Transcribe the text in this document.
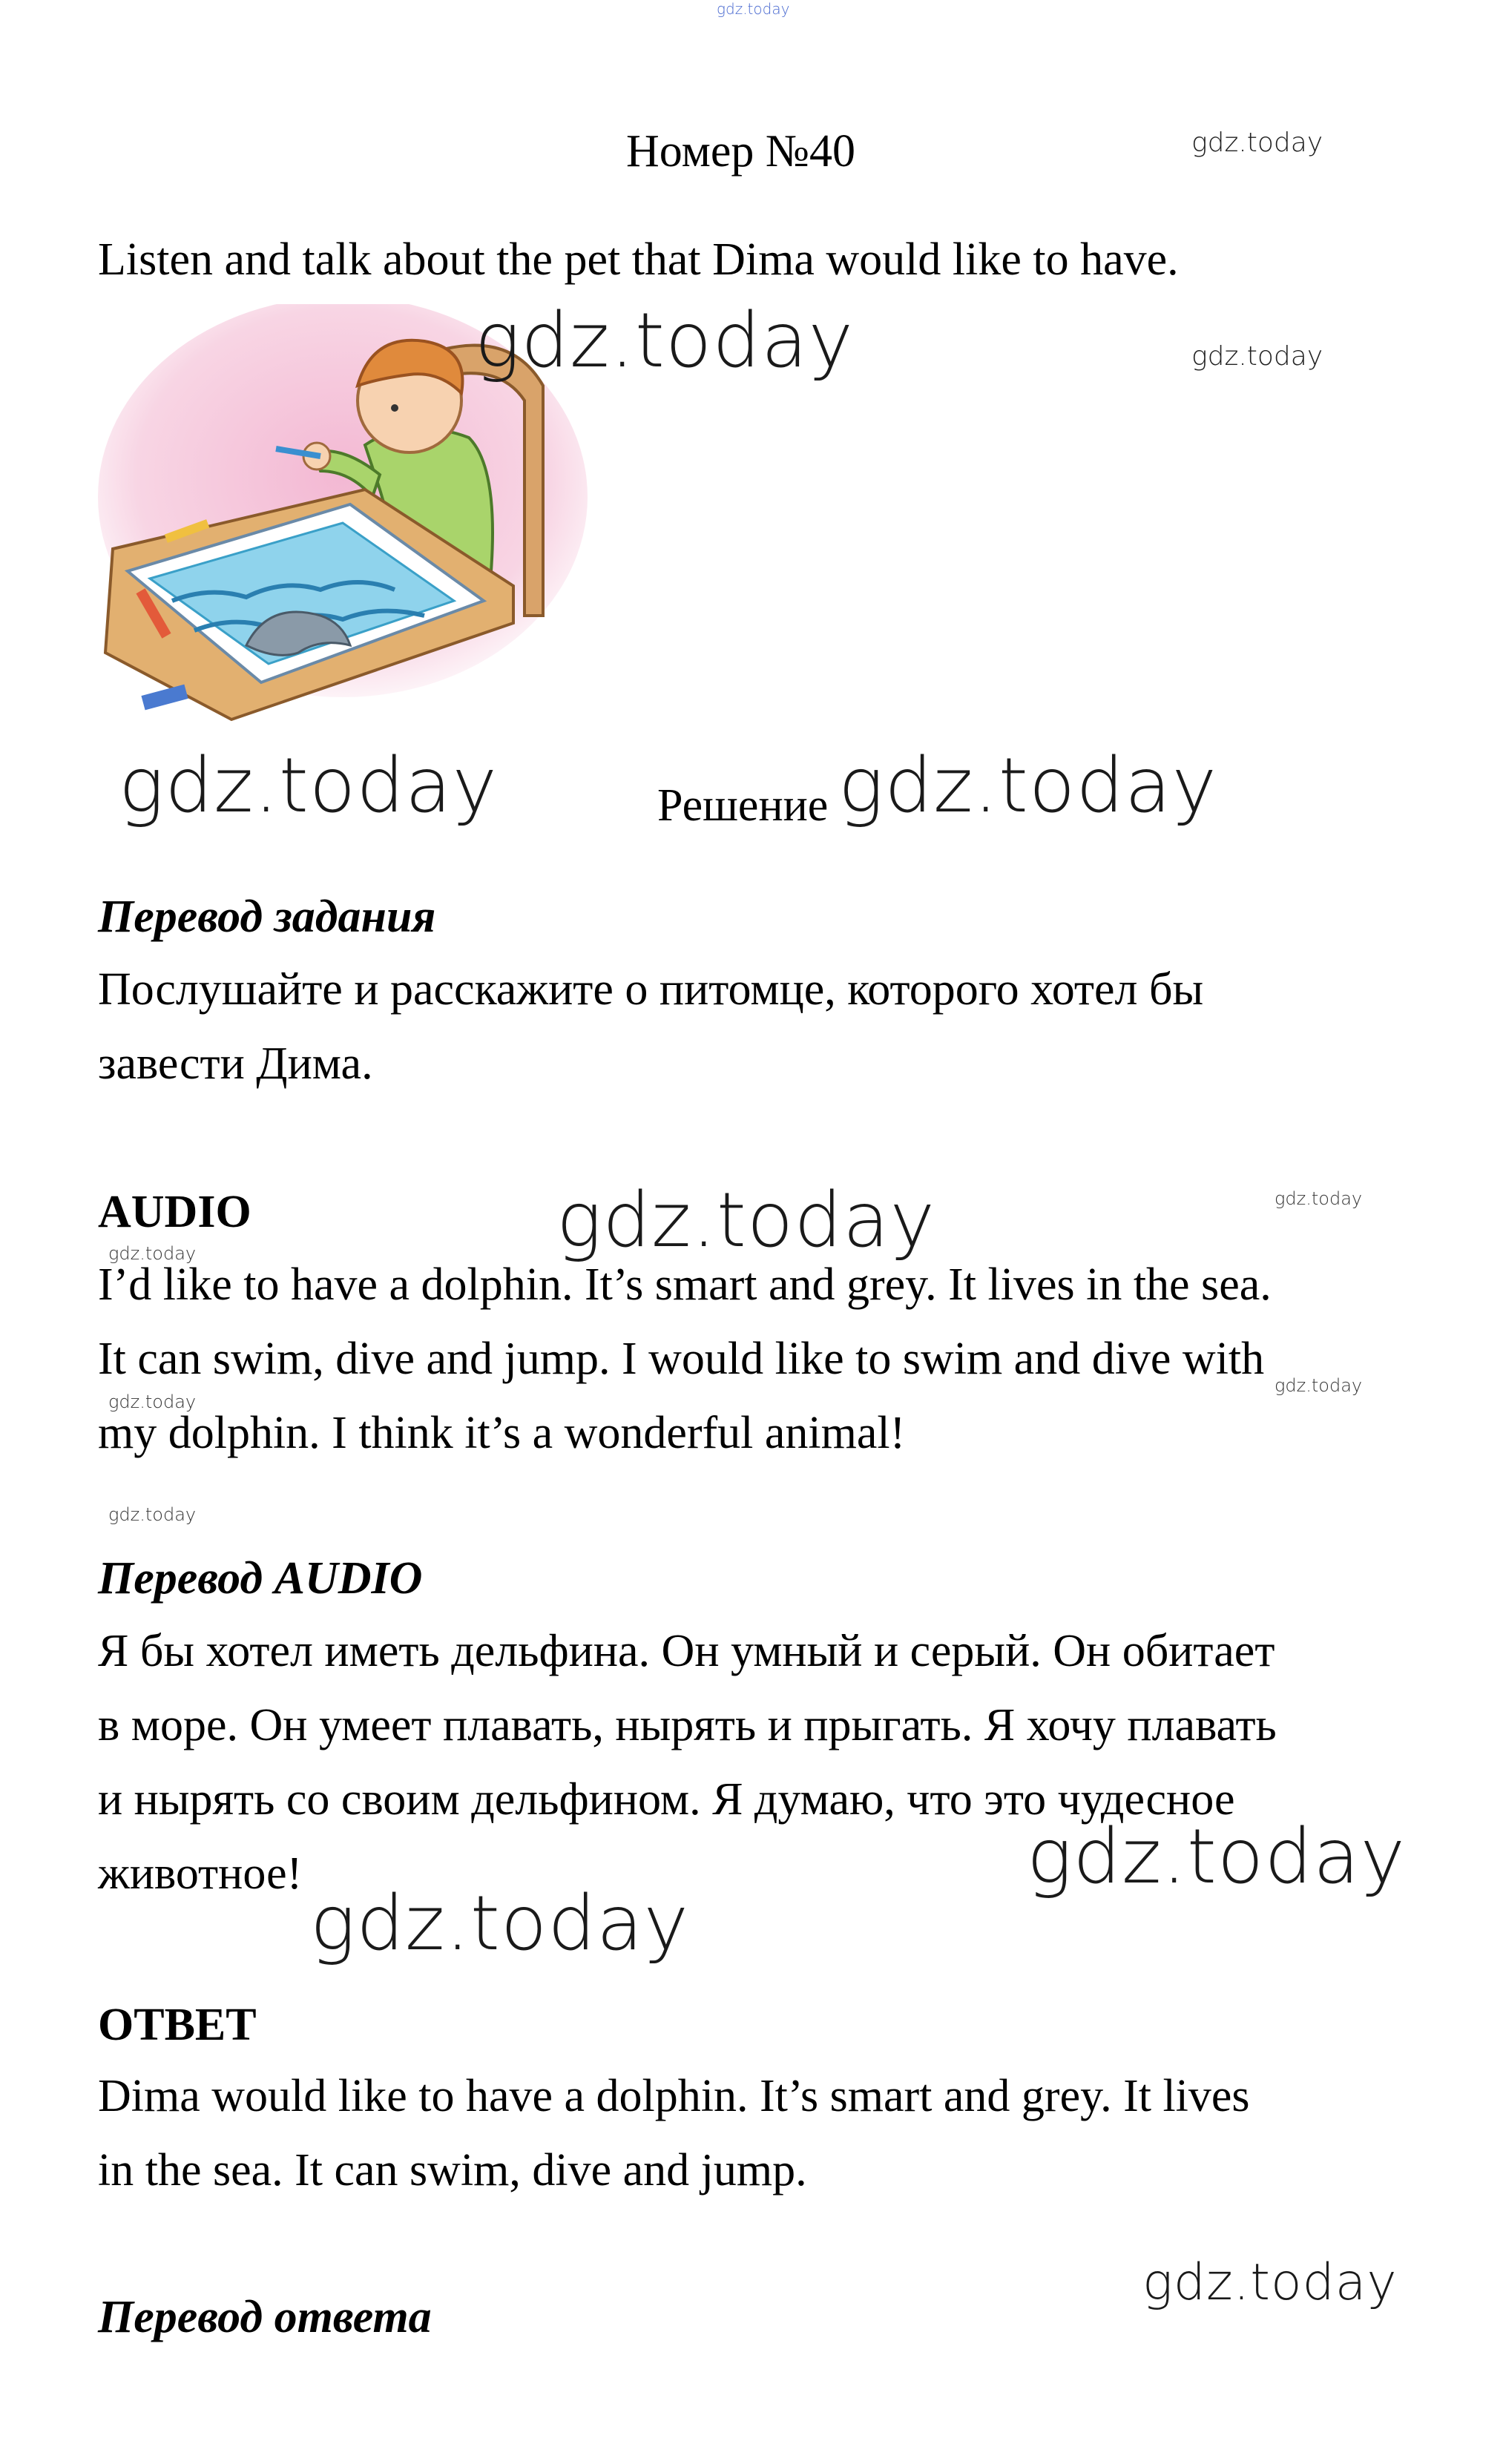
gdz.today
Номер №40	gdz.today
Listen and talk about the pet that Dima would like to have.
gdz.today	gdz.today
gdz.today	Решение gdz.today
Перевод задания
Послушайте и расскажите о питомце, которого хотел бы
завести Дима.
AUDIO	gdz.today	gdz.today
gdz.today
I’d like to have a dolphin. It’s smart and grey. It lives in the sea.
It can swim, dive and jump. I would like to swim and dive with
my dolphin. I think it’s a wonderful animal!
gdz.today
gdz.today
gdz.today
Перевод AUDIO
Я бы хотел иметь дельфина. Он умный и серый. Он обитает
в море. Он умеет плавать, нырять и прыгать. Я хочу плавать
и нырять со своим дельфином. Я думаю, что это чудесное
животное!	gdz.today
gdz.today
ОТВЕТ
Dima would like to have a dolphin. It’s smart and grey. It lives
in the sea. It can swim, dive and jump.
gdz.today
Перевод ответа
